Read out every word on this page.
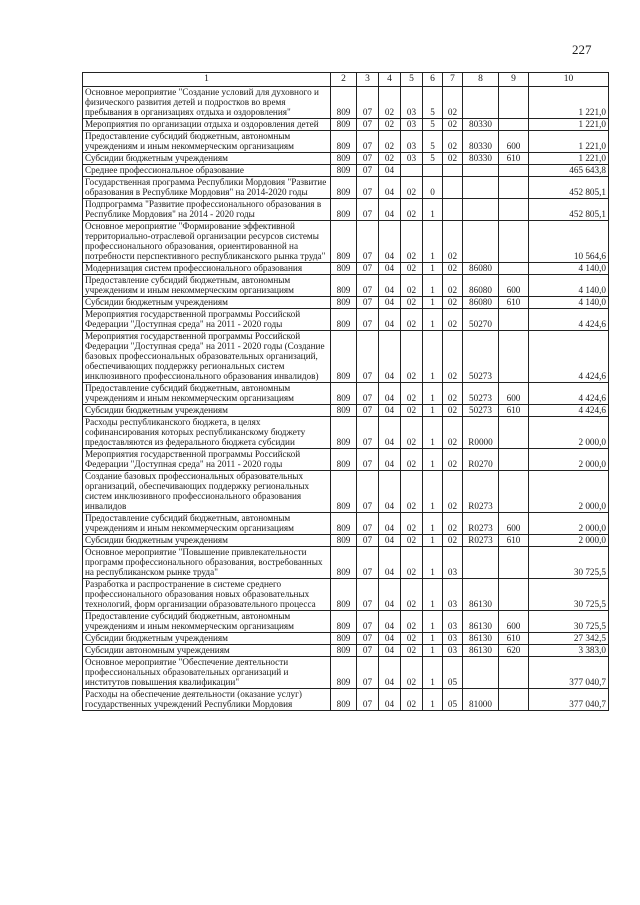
227
1	2	3	4	5	6	7	8	9	10
Основное мероприятие "Создание условий для духовного и физического развития детей и подростков во время пребывания в организациях отдыха и оздоровления"	809	07	02	03	5	02			1 221,0
Мероприятия по организации отдыха и оздоровления детей	809	07	02	03	5	02	80330		1 221,0
Предоставление субсидий бюджетным, автономным учреждениям и иным некоммерческим организациям	809	07	02	03	5	02	80330	600	1 221,0
Субсидии бюджетным учреждениям	809	07	02	03	5	02	80330	610	1 221,0
Среднее профессиональное образование	809	07	04						465 643,8
Государственная программа Республики Мордовия "Развитие образования в Республике Мордовия" на 2014-2020 годы	809	07	04	02	0				452 805,1
Подпрограмма "Развитие профессионального образования в Республике Мордовия" на 2014 - 2020 годы	809	07	04	02	1				452 805,1
Основное мероприятие "Формирование эффективной территориально-отраслевой организации ресурсов системы профессионального образования, ориентированной на потребности перспективного республиканского рынка труда"	809	07	04	02	1	02			10 564,6
Модернизация систем профессионального образования	809	07	04	02	1	02	86080		4 140,0
Предоставление субсидий бюджетным, автономным учреждениям и иным некоммерческим организациям	809	07	04	02	1	02	86080	600	4 140,0
Субсидии бюджетным учреждениям	809	07	04	02	1	02	86080	610	4 140,0
Мероприятия государственной программы Российской Федерации "Доступная среда" на 2011 - 2020 годы	809	07	04	02	1	02	50270		4 424,6
Мероприятия государственной программы Российской Федерации "Доступная среда" на 2011 - 2020 годы (Создание базовых профессиональных образовательных организаций, обеспечивающих поддержку региональных систем инклюзивного профессионального образования инвалидов)	809	07	04	02	1	02	50273		4 424,6
Предоставление субсидий бюджетным, автономным учреждениям и иным некоммерческим организациям	809	07	04	02	1	02	50273	600	4 424,6
Субсидии бюджетным учреждениям	809	07	04	02	1	02	50273	610	4 424,6
Расходы республиканского бюджета, в целях софинансирования которых республиканскому бюджету предоставляются из федерального бюджета субсидии	809	07	04	02	1	02	R0000		2 000,0
Мероприятия государственной программы Российской Федерации "Доступная среда" на 2011 - 2020 годы	809	07	04	02	1	02	R0270		2 000,0
Создание базовых профессиональных образовательных организаций, обеспечивающих поддержку региональных систем инклюзивного профессионального образования инвалидов	809	07	04	02	1	02	R0273		2 000,0
Предоставление субсидий бюджетным, автономным учреждениям и иным некоммерческим организациям	809	07	04	02	1	02	R0273	600	2 000,0
Субсидии бюджетным учреждениям	809	07	04	02	1	02	R0273	610	2 000,0
Основное мероприятие "Повышение привлекательности программ профессионального образования, востребованных на республиканском рынке труда"	809	07	04	02	1	03			30 725,5
Разработка и распространение в системе среднего профессионального образования новых образовательных технологий, форм организации образовательного процесса	809	07	04	02	1	03	86130		30 725,5
Предоставление субсидий бюджетным, автономным учреждениям и иным некоммерческим организациям	809	07	04	02	1	03	86130	600	30 725,5
Субсидии бюджетным учреждениям	809	07	04	02	1	03	86130	610	27 342,5
Субсидии автономным учреждениям	809	07	04	02	1	03	86130	620	3 383,0
Основное мероприятие "Обеспечение деятельности профессиональных образовательных организаций и институтов повышения квалификации"	809	07	04	02	1	05			377 040,7
Расходы на обеспечение деятельности (оказание услуг) государственных учреждений Республики Мордовия	809	07	04	02	1	05	81000		377 040,7
